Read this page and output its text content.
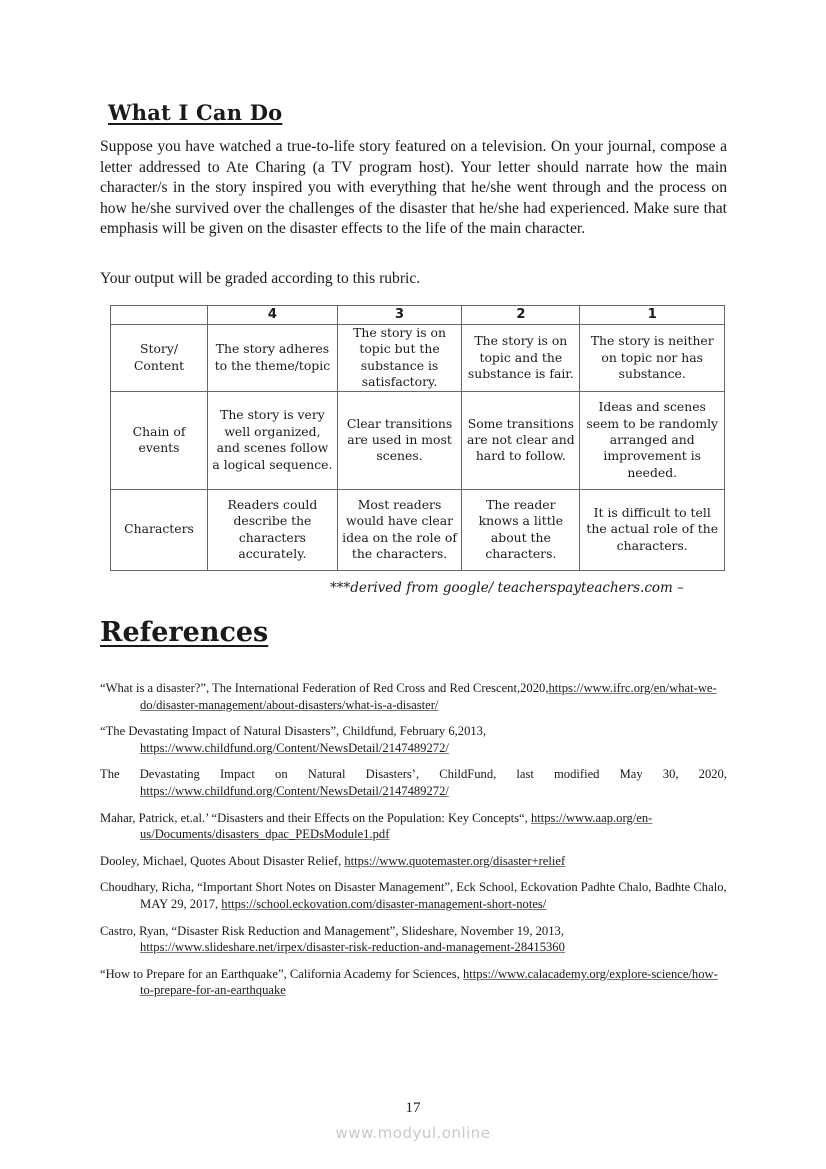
What I Can Do
Suppose you have watched a true-to-life story featured on a television. On your journal, compose a letter addressed to Ate Charing (a TV program host). Your letter should narrate how the main character/s in the story inspired you with everything that he/she went through and the process on how he/she survived over the challenges of the disaster that he/she had experienced. Make sure that emphasis will be given on the disaster effects to the life of the main character.
Your output will be graded according to this rubric.
	4	3	2	1
Story/ Content	The story adheres to the theme/topic	The story is on topic but the substance is satisfactory.	The story is on topic and the substance is fair.	The story is neither on topic nor has substance.
Chain of events	The story is very well organized, and scenes follow a logical sequence.	Clear transitions are used in most scenes.	Some transitions are not clear and hard to follow.	Ideas and scenes seem to be randomly arranged and improvement is needed.
Characters	Readers could describe the characters accurately.	Most readers would have clear idea on the role of the characters.	The reader knows a little about the characters.	It is difficult to tell the actual role of the characters.
***derived from google/ teacherspayteachers.com –
References
“What is a disaster?”, The International Federation of Red Cross and Red Crescent,2020,https://www.ifrc.org/en/what-we-do/disaster-management/about-disasters/what-is-a-disaster/
“The Devastating Impact of Natural Disasters”, Childfund, February 6,2013, https://www.childfund.org/Content/NewsDetail/2147489272/
The Devastating Impact on Natural Disasters’, ChildFund, last modified May 30, 2020, https://www.childfund.org/Content/NewsDetail/2147489272/
Mahar, Patrick, et.al.’ “Disasters and their Effects on the Population: Key Concepts“, https://www.aap.org/en-us/Documents/disasters_dpac_PEDsModule1.pdf
Dooley, Michael, Quotes About Disaster Relief, https://www.quotemaster.org/disaster+relief
Choudhary, Richa, “Important Short Notes on Disaster Management”, Eck School, Eckovation Padhte Chalo, Badhte Chalo, MAY 29, 2017, https://school.eckovation.com/disaster-management-short-notes/
Castro, Ryan, “Disaster Risk Reduction and Management”, Slideshare, November 19, 2013, https://www.slideshare.net/irpex/disaster-risk-reduction-and-management-28415360
“How to Prepare for an Earthquake”, California Academy for Sciences, https://www.calacademy.org/explore-science/how-to-prepare-for-an-earthquake
17
www.modyul.online
